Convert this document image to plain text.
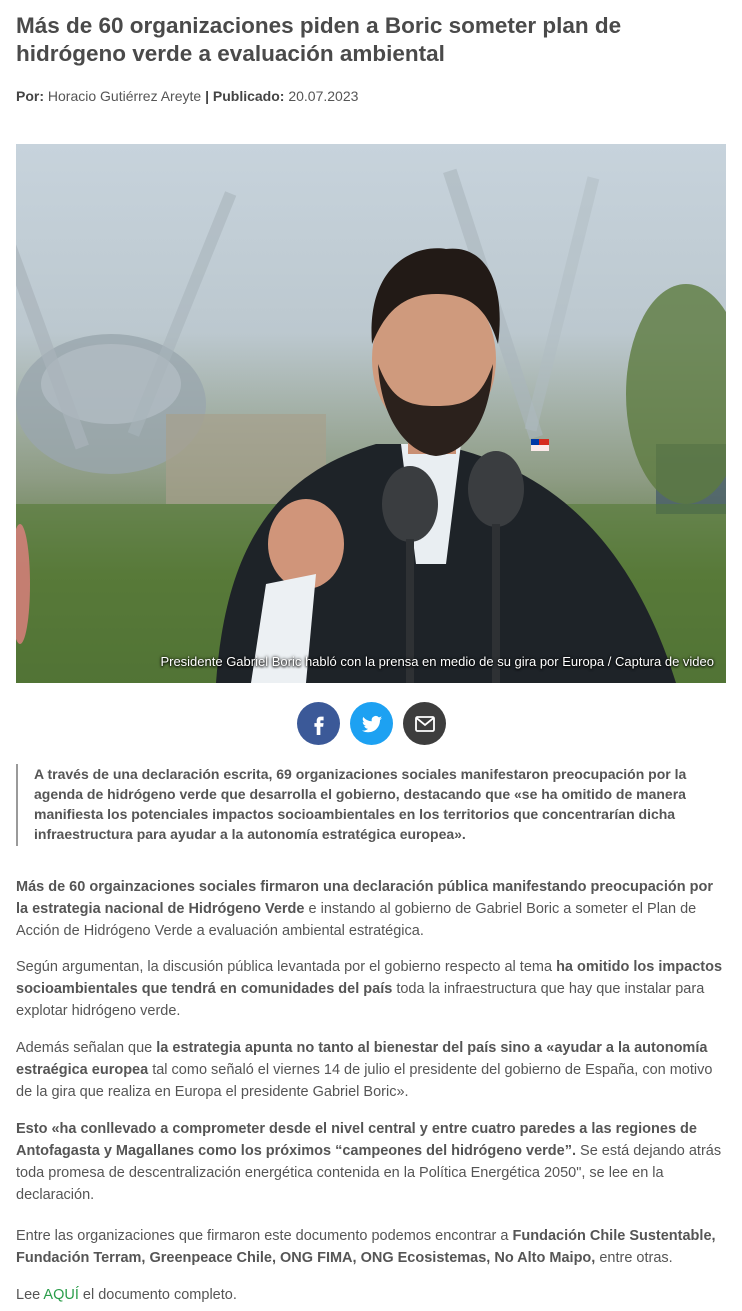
Más de 60 organizaciones piden a Boric someter plan de hidrógeno verde a evaluación ambiental
Por: Horacio Gutiérrez Areyte | Publicado: 20.07.2023
Presidente Gabriel Boric habló con la prensa en medio de su gira por Europa / Captura de video
A través de una declaración escrita, 69 organizaciones sociales manifestaron preocupación por la agenda de hidrógeno verde que desarrolla el gobierno, destacando que «se ha omitido de manera manifiesta los potenciales impactos socioambientales en los territorios que concentrarían dicha infraestructura para ayudar a la autonomía estratégica europea».

Más de 60 orgainzaciones sociales firmaron una declaración pública manifestando preocupación por la estrategia nacional de Hidrógeno Verde e instando al gobierno de Gabriel Boric a someter el Plan de Acción de Hidrógeno Verde a evaluación ambiental estratégica.

Según argumentan, la discusión pública levantada por el gobierno respecto al tema ha omitido los impactos socioambientales que tendrá en comunidades del país toda la infraestructura que hay que instalar para explotar hidrógeno verde.

Además señalan que la estrategia apunta no tanto al bienestar del país sino a «ayudar a la autonomía estraégica europea tal como señaló el viernes 14 de julio el presidente del gobierno de España, con motivo de la gira que realiza en Europa el presidente Gabriel Boric».

Esto «ha conllevado a comprometer desde el nivel central y entre cuatro paredes a las regiones de Antofagasta y Magallanes como los próximos “campeones del hidrógeno verde”. Se está dejando atrás toda promesa de descentralización energética contenida en la Política Energética 2050", se lee en la declaración.

Entre las organizaciones que firmaron este documento podemos encontrar a Fundación Chile Sustentable, Fundación Terram, Greenpeace Chile, ONG FIMA, ONG Ecosistemas, No Alto Maipo, entre otras.

Lee AQUÍ el documento completo.
